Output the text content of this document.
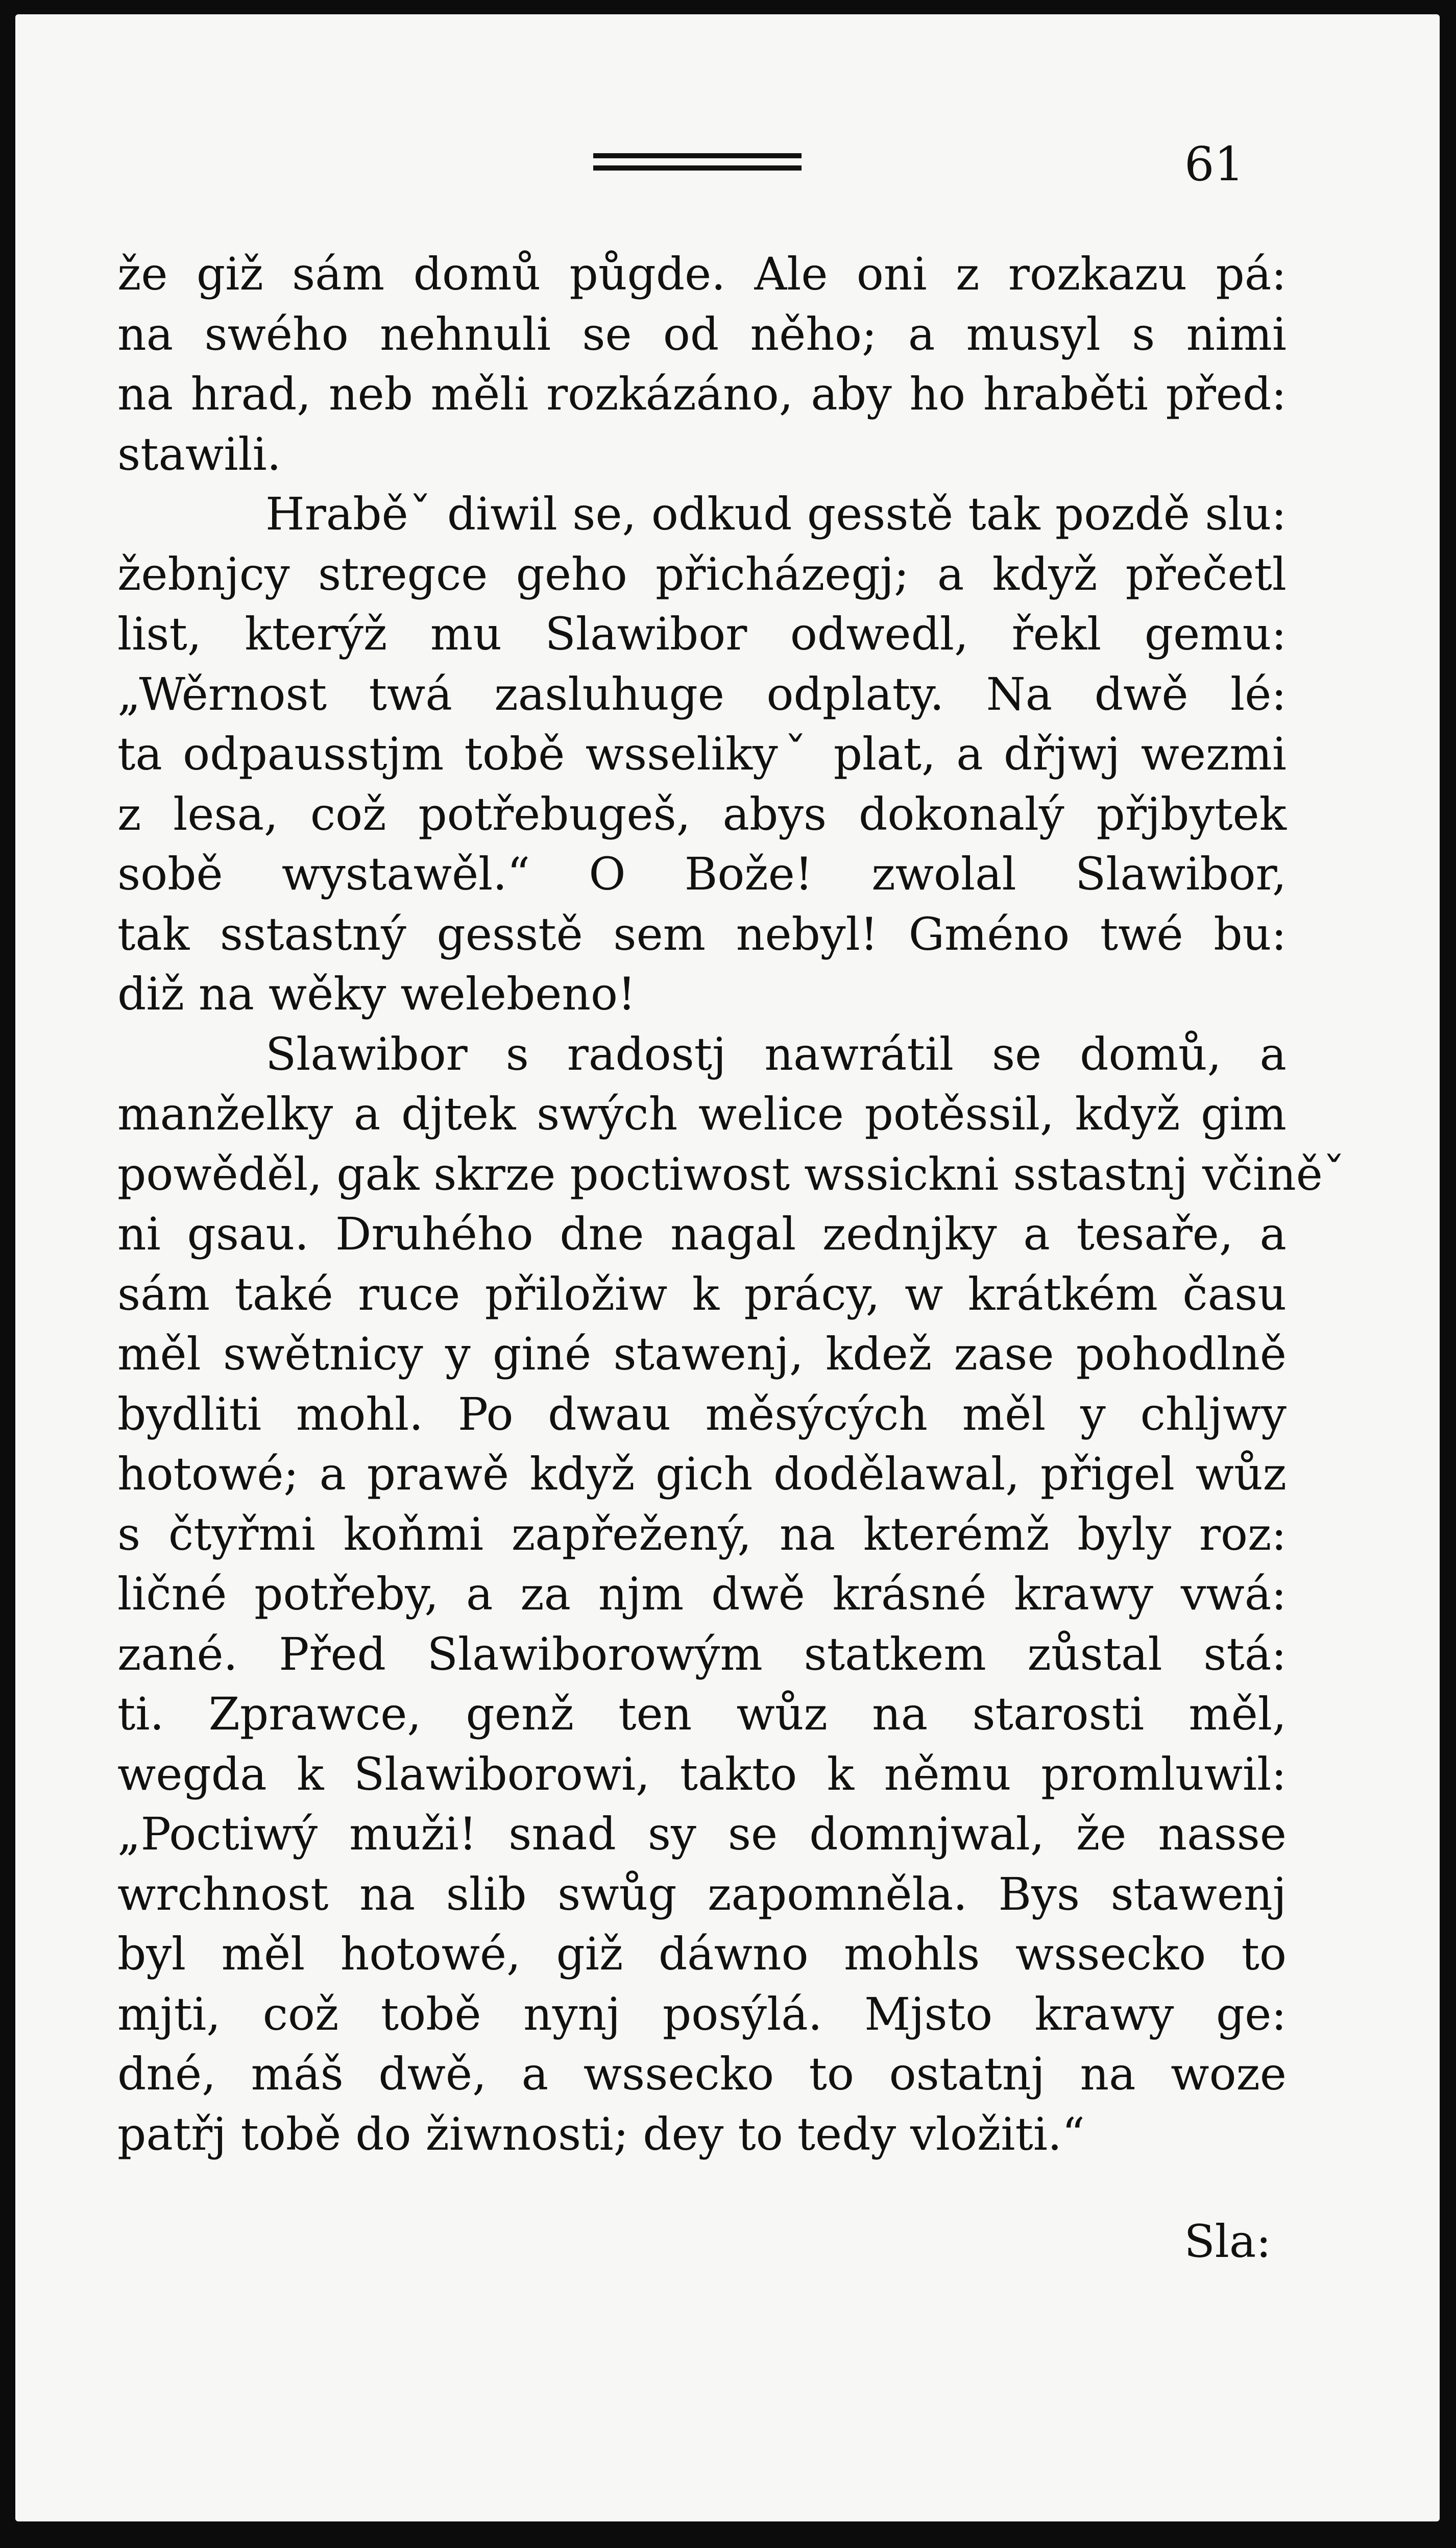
61

že giž sám domů půgde. Ale oni z rozkazu pá:
na swého nehnuli se od něho; a musyl s nimi
na hrad, neb měli rozkázáno, aby ho hraběti před:
stawili.
Hraběˇ diwil se, odkud gesstě tak pozdě slu:
žebnjcy stregce geho přicházegj; a když přečetl
list, kterýž mu Slawibor odwedl, řekl gemu:
„Wěrnost twá zasluhuge odplaty. Na dwě lé:
ta odpausstjm tobě wsselikyˇ plat, a dřjwj wezmi
z lesa, což potřebugeš, abys dokonalý přjbytek
sobě wystawěl.“ O Bože! zwolal Slawibor,
tak sstastný gesstě sem nebyl! Gméno twé bu:
diž na wěky welebeno!
Slawibor s radostj nawrátil se domů, a
manželky a djtek swých welice potěssil, když gim
powěděl, gak skrze poctiwost wssickni sstastnj včiněˇ
ni gsau. Druhého dne nagal zednjky a tesaře, a
sám také ruce přiložiw k prácy, w krátkém času
měl swětnicy y giné stawenj, kdež zase pohodlně
bydliti mohl. Po dwau měsýcých měl y chljwy
hotowé; a prawě když gich dodělawal, přigel wůz
s čtyřmi koňmi zapřežený, na kterémž byly roz:
ličné potřeby, a za njm dwě krásné krawy vwá:
zané. Před Slawiborowým statkem zůstal stá:
ti. Zprawce, genž ten wůz na starosti měl,
wegda k Slawiborowi, takto k němu promluwil:
„Poctiwý muži! snad sy se domnjwal, že nasse
wrchnost na slib swůg zapomněla. Bys stawenj
byl měl hotowé, giž dáwno mohls wssecko to
mjti, což tobě nynj posýlá. Mjsto krawy ge:
dné, máš dwě, a wssecko to ostatnj na woze
patřj tobě do žiwnosti; dey to tedy vložiti.“
Sla:
